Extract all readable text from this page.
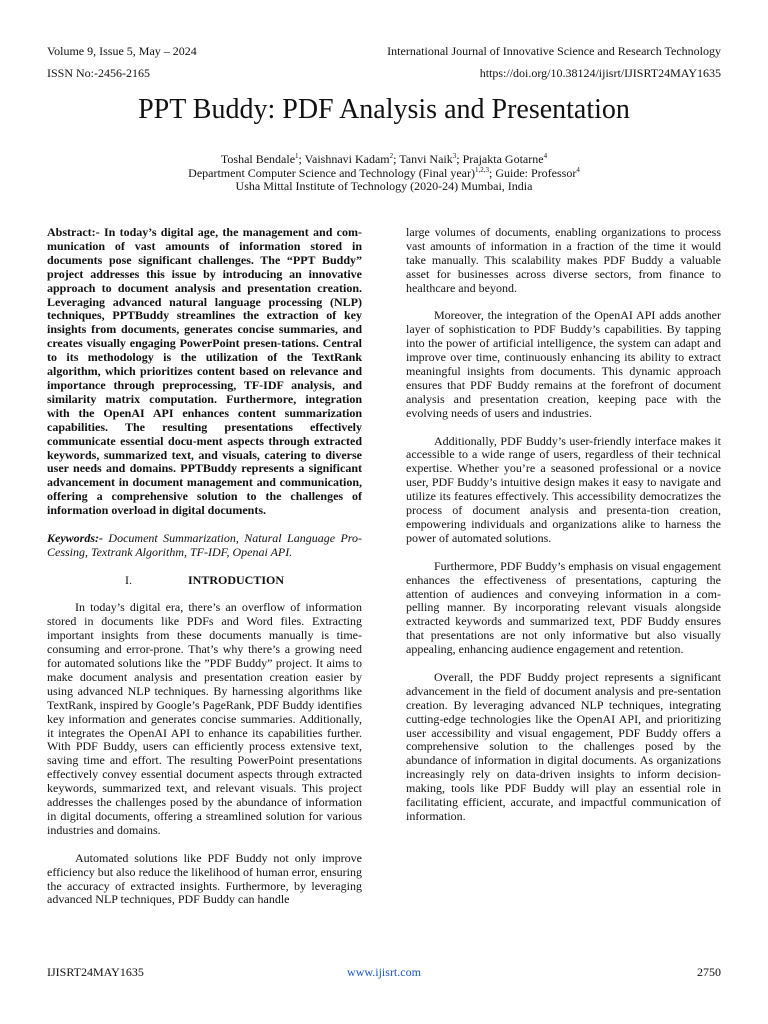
Volume 9, Issue 5, May – 2024	International Journal of Innovative Science and Research Technology
ISSN No:-2456-2165	https://doi.org/10.38124/ijisrt/IJISRT24MAY1635
PPT Buddy: PDF Analysis and Presentation
Toshal Bendale$^1$; Vaishnavi Kadam$^2$; Tanvi Naik$^3$; Prajakta Gotarne$^4$
Department Computer Science and Technology (Final year)$^{1,2,3}$; Guide: Professor$^4$
Usha Mittal Institute of Technology (2020-24) Mumbai, India

Abstract:- In today’s digital age, the management and com-munication of vast amounts of information stored in documents pose significant challenges. The “PPT Buddy” project addresses this issue by introducing an innovative approach to document analysis and presentation creation. Leveraging advanced natural language processing (NLP) techniques, PPTBuddy streamlines the extraction of key insights from documents, generates concise summaries, and creates visually engaging PowerPoint presen-tations. Central to its methodology is the utilization of the TextRank algorithm, which prioritizes content based on relevance and importance through preprocessing, TF-IDF analysis, and similarity matrix computation. Furthermore, integration with the OpenAI API enhances content summarization capabilities. The resulting presentations effectively communicate essential docu-ment aspects through extracted keywords, summarized text, and visuals, catering to diverse user needs and domains. PPTBuddy represents a significant advancement in document management and communication, offering a comprehensive solution to the challenges of information overload in digital documents.

Keywords:- Document Summarization, Natural Language Pro-Cessing, Textrank Algorithm, TF-IDF, Openai API.

I.	INTRODUCTION

In today’s digital era, there’s an overflow of information stored in documents like PDFs and Word files. Extracting important insights from these documents manually is time-consuming and error-prone. That’s why there’s a growing need for automated solutions like the ”PDF Buddy” project. It aims to make document analysis and presentation creation easier by using advanced NLP techniques. By harnessing algorithms like TextRank, inspired by Google’s PageRank, PDF Buddy identifies key information and generates concise summaries. Additionally, it integrates the OpenAI API to enhance its capabilities further. With PDF Buddy, users can efficiently process extensive text, saving time and effort. The resulting PowerPoint presentations effectively convey essential document aspects through extracted keywords, summarized text, and relevant visuals. This project addresses the challenges posed by the abundance of information in digital documents, offering a streamlined solution for various industries and domains.

Automated solutions like PDF Buddy not only improve efficiency but also reduce the likelihood of human error, ensuring the accuracy of extracted insights. Furthermore, by leveraging advanced NLP techniques, PDF Buddy can handle

large volumes of documents, enabling organizations to process vast amounts of information in a fraction of the time it would take manually. This scalability makes PDF Buddy a valuable asset for businesses across diverse sectors, from finance to healthcare and beyond.

Moreover, the integration of the OpenAI API adds another layer of sophistication to PDF Buddy’s capabilities. By tapping into the power of artificial intelligence, the system can adapt and improve over time, continuously enhancing its ability to extract meaningful insights from documents. This dynamic approach ensures that PDF Buddy remains at the forefront of document analysis and presentation creation, keeping pace with the evolving needs of users and industries.

Additionally, PDF Buddy’s user-friendly interface makes it accessible to a wide range of users, regardless of their technical expertise. Whether you’re a seasoned professional or a novice user, PDF Buddy’s intuitive design makes it easy to navigate and utilize its features effectively. This accessibility democratizes the process of document analysis and presenta-tion creation, empowering individuals and organizations alike to harness the power of automated solutions.

Furthermore, PDF Buddy’s emphasis on visual engagement enhances the effectiveness of presentations, capturing the attention of audiences and conveying information in a com-pelling manner. By incorporating relevant visuals alongside extracted keywords and summarized text, PDF Buddy ensures that presentations are not only informative but also visually appealing, enhancing audience engagement and retention.

Overall, the PDF Buddy project represents a significant advancement in the field of document analysis and pre-sentation creation. By leveraging advanced NLP techniques, integrating cutting-edge technologies like the OpenAI API, and prioritizing user accessibility and visual engagement, PDF Buddy offers a comprehensive solution to the challenges posed by the abundance of information in digital documents. As organizations increasingly rely on data-driven insights to inform decision-making, tools like PDF Buddy will play an essential role in facilitating efficient, accurate, and impactful communication of information.

IJISRT24MAY1635	www.ijisrt.com	2750
